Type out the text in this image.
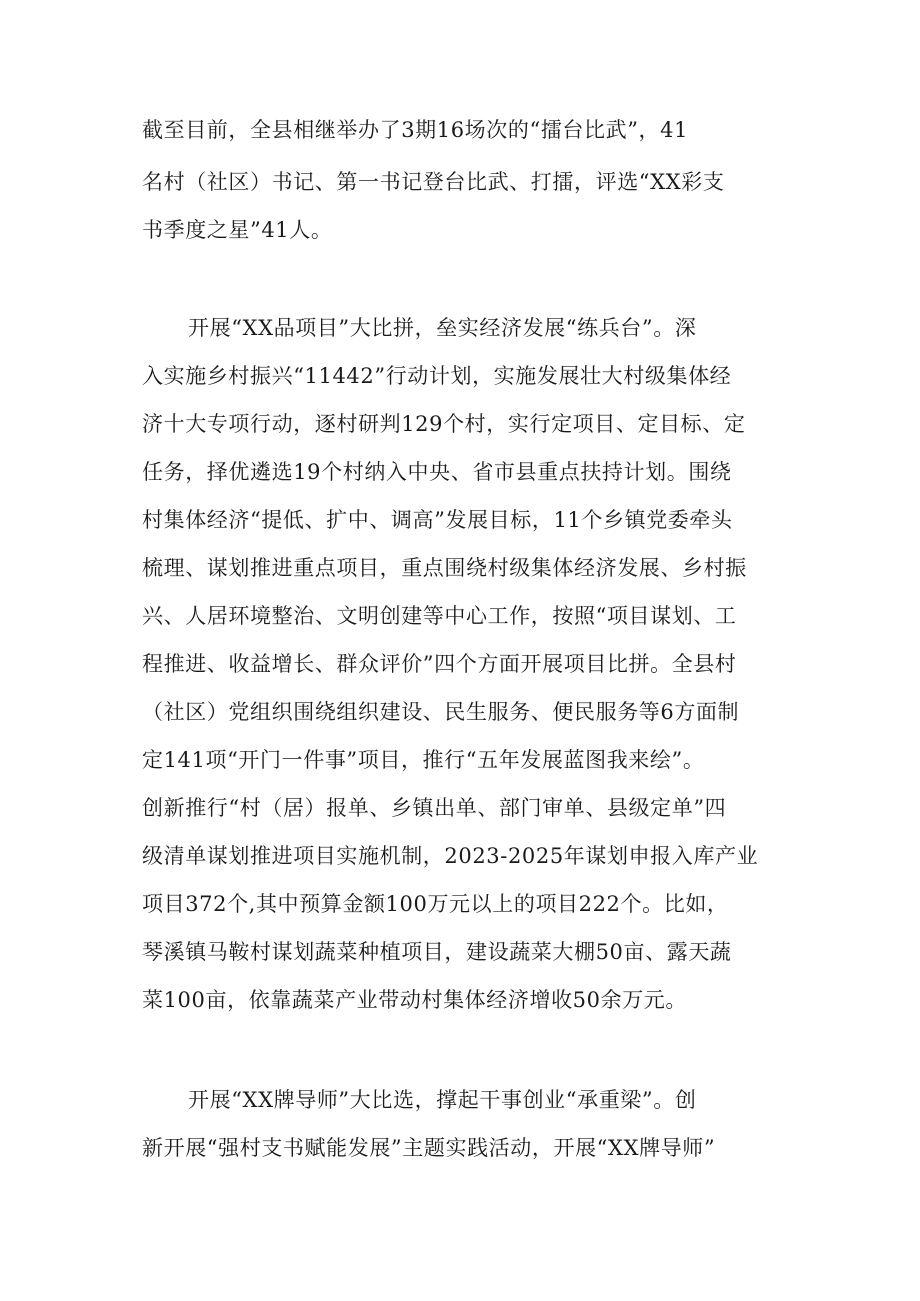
截至目前，全县相继举办了3期16场次的“擂台比武”，41
名村（社区）书记、第一书记登台比武、打擂，评选“XX彩支
书季度之星”41人。
开展“XX品项目”大比拼，垒实经济发展“练兵台”。深
入实施乡村振兴“11442”行动计划，实施发展壮大村级集体经
济十大专项行动，逐村研判129个村，实行定项目、定目标、定
任务，择优遴选19个村纳入中央、省市县重点扶持计划。围绕
村集体经济“提低、扩中、调高”发展目标，11个乡镇党委牵头
梳理、谋划推进重点项目，重点围绕村级集体经济发展、乡村振
兴、人居环境整治、文明创建等中心工作，按照“项目谋划、工
程推进、收益增长、群众评价”四个方面开展项目比拼。全县村
（社区）党组织围绕组织建设、民生服务、便民服务等6方面制
定141项“开门一件事”项目，推行“五年发展蓝图我来绘”。
创新推行“村（居）报单、乡镇出单、部门审单、县级定单”四
级清单谋划推进项目实施机制，2023-2025年谋划申报入库产业
项目372个,其中预算金额100万元以上的项目222个。比如，
琴溪镇马鞍村谋划蔬菜种植项目，建设蔬菜大棚50亩、露天蔬
菜100亩，依靠蔬菜产业带动村集体经济增收50余万元。
开展“XX牌导师”大比选，撑起干事创业“承重梁”。创
新开展“强村支书赋能发展”主题实践活动，开展“XX牌导师”
